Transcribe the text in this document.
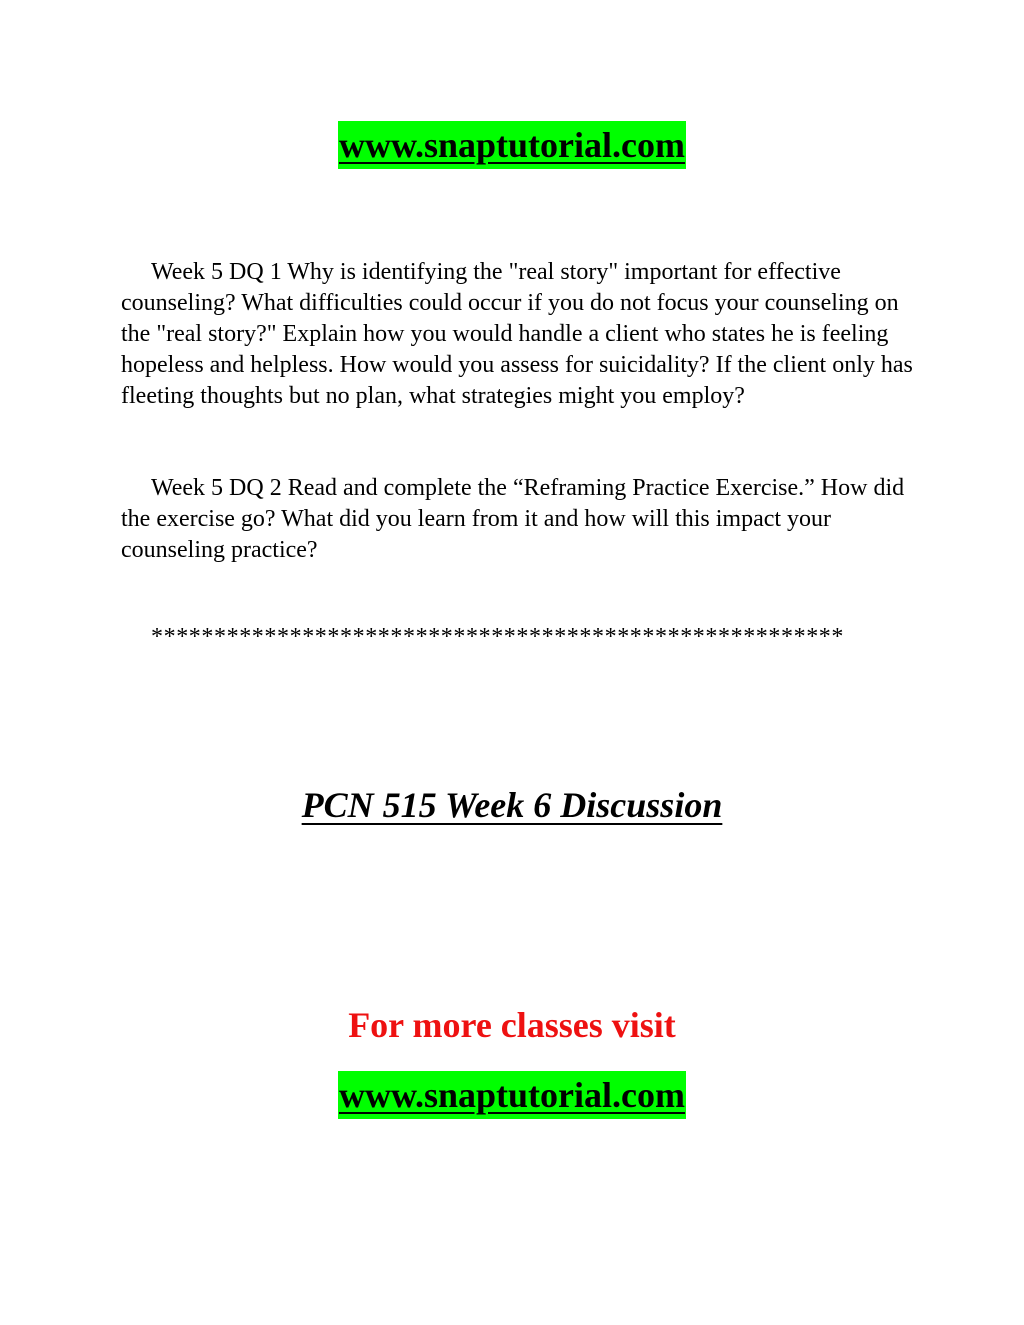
www.snaptutorial.com

Week 5 DQ 1 Why is identifying the "real story" important for effective counseling? What difficulties could occur if you do not focus your counseling on the "real story?" Explain how you would handle a client who states he is feeling hopeless and helpless. How would you assess for suicidality? If the client only has fleeting thoughts but no plan, what strategies might you employ?

Week 5 DQ 2 Read and complete the “Reframing Practice Exercise.” How did the exercise go? What did you learn from it and how will this impact your counseling practice?

*******************************************************
PCN 515 Week 6 Discussion
For more classes visit
www.snaptutorial.com
